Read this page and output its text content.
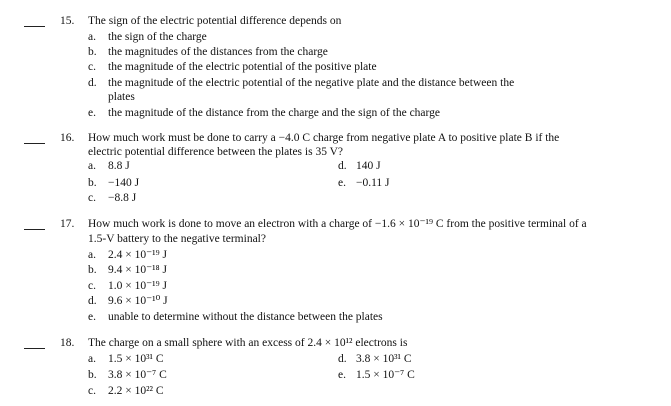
15. The sign of the electric potential difference depends on
a. the sign of the charge
b. the magnitudes of the distances from the charge
c. the magnitude of the electric potential of the positive plate
d. the magnitude of the electric potential of the negative plate and the distance between the
plates
e. the magnitude of the distance from the charge and the sign of the charge
16. How much work must be done to carry a −4.0 C charge from negative plate A to positive plate B if the
electric potential difference between the plates is 35 V?
a. 8.8 J	d. 140 J
b. −140 J	e. −0.11 J
c. −8.8 J
17. How much work is done to move an electron with a charge of −1.6 × 10⁻¹⁹ C from the positive terminal of a
1.5-V battery to the negative terminal?
a. 2.4 × 10⁻¹⁹ J
b. 9.4 × 10⁻¹⁸ J
c. 1.0 × 10⁻¹⁹ J
d. 9.6 × 10⁻¹⁰ J
e. unable to determine without the distance between the plates
18. The charge on a small sphere with an excess of 2.4 × 10¹² electrons is
a. 1.5 × 10³¹ C	d. 3.8 × 10³¹ C
b. 3.8 × 10⁻⁷ C	e. 1.5 × 10⁻⁷ C
c. 2.2 × 10²² C
